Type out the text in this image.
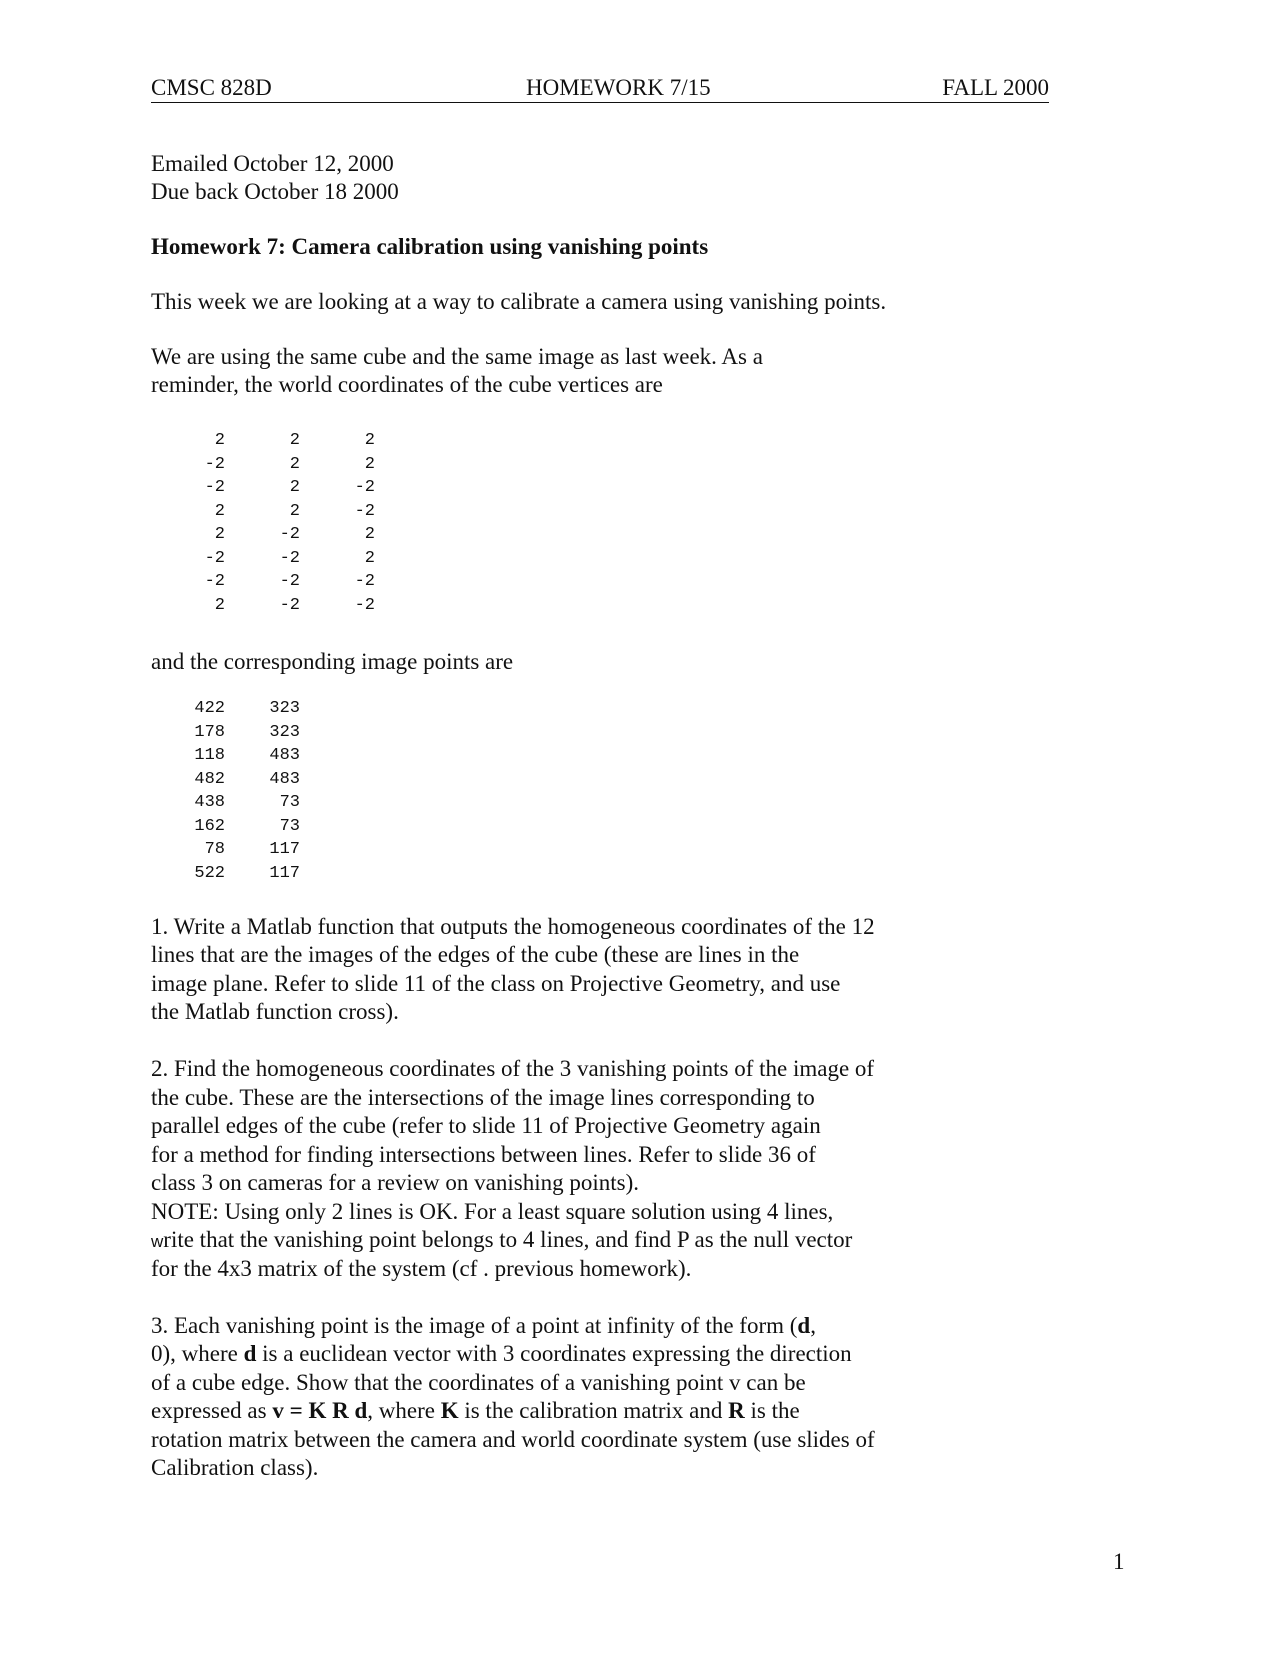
CMSC 828D	HOMEWORK 7/15	FALL 2000
Emailed October 12, 2000
Due back October 18 2000
Homework 7: Camera calibration using vanishing points
This week we are looking at a way to calibrate a camera using vanishing points.
We are using the same cube and the same image as last week. As a
reminder, the world coordinates of the cube vertices are
2	2	2
-2	2	2
-2	2	-2
2	2	-2
2	-2	2
-2	-2	2
-2	-2	-2
2	-2	-2
and the corresponding image points are
422	323
178	323
118	483
482	483
438	73
162	73
78	117
522	117
1. Write a Matlab function that outputs the homogeneous coordinates of the 12
lines that are the images of the edges of the cube (these are lines in the
image plane. Refer to slide 11 of the class on Projective Geometry, and use
the Matlab function cross).
2. Find the homogeneous coordinates of the 3 vanishing points of the image of
the cube. These are the intersections of the image lines corresponding to
parallel edges of the cube (refer to slide 11 of Projective Geometry again
for a method for finding intersections between lines. Refer to slide 36 of
class 3 on cameras for a review on vanishing points).
NOTE: Using only 2 lines is OK. For a least square solution using 4 lines,
write that the vanishing point belongs to 4 lines, and find P as the null vector
for the 4x3 matrix of the system (cf . previous homework).
3. Each vanishing point is the image of a point at infinity of the form (d,
0), where d is a euclidean vector with 3 coordinates expressing the direction
of a cube edge. Show that the coordinates of a vanishing point v can be
expressed as v = K R d, where K is the calibration matrix and R is the
rotation matrix between the camera and world coordinate system (use slides of
Calibration class).
1
